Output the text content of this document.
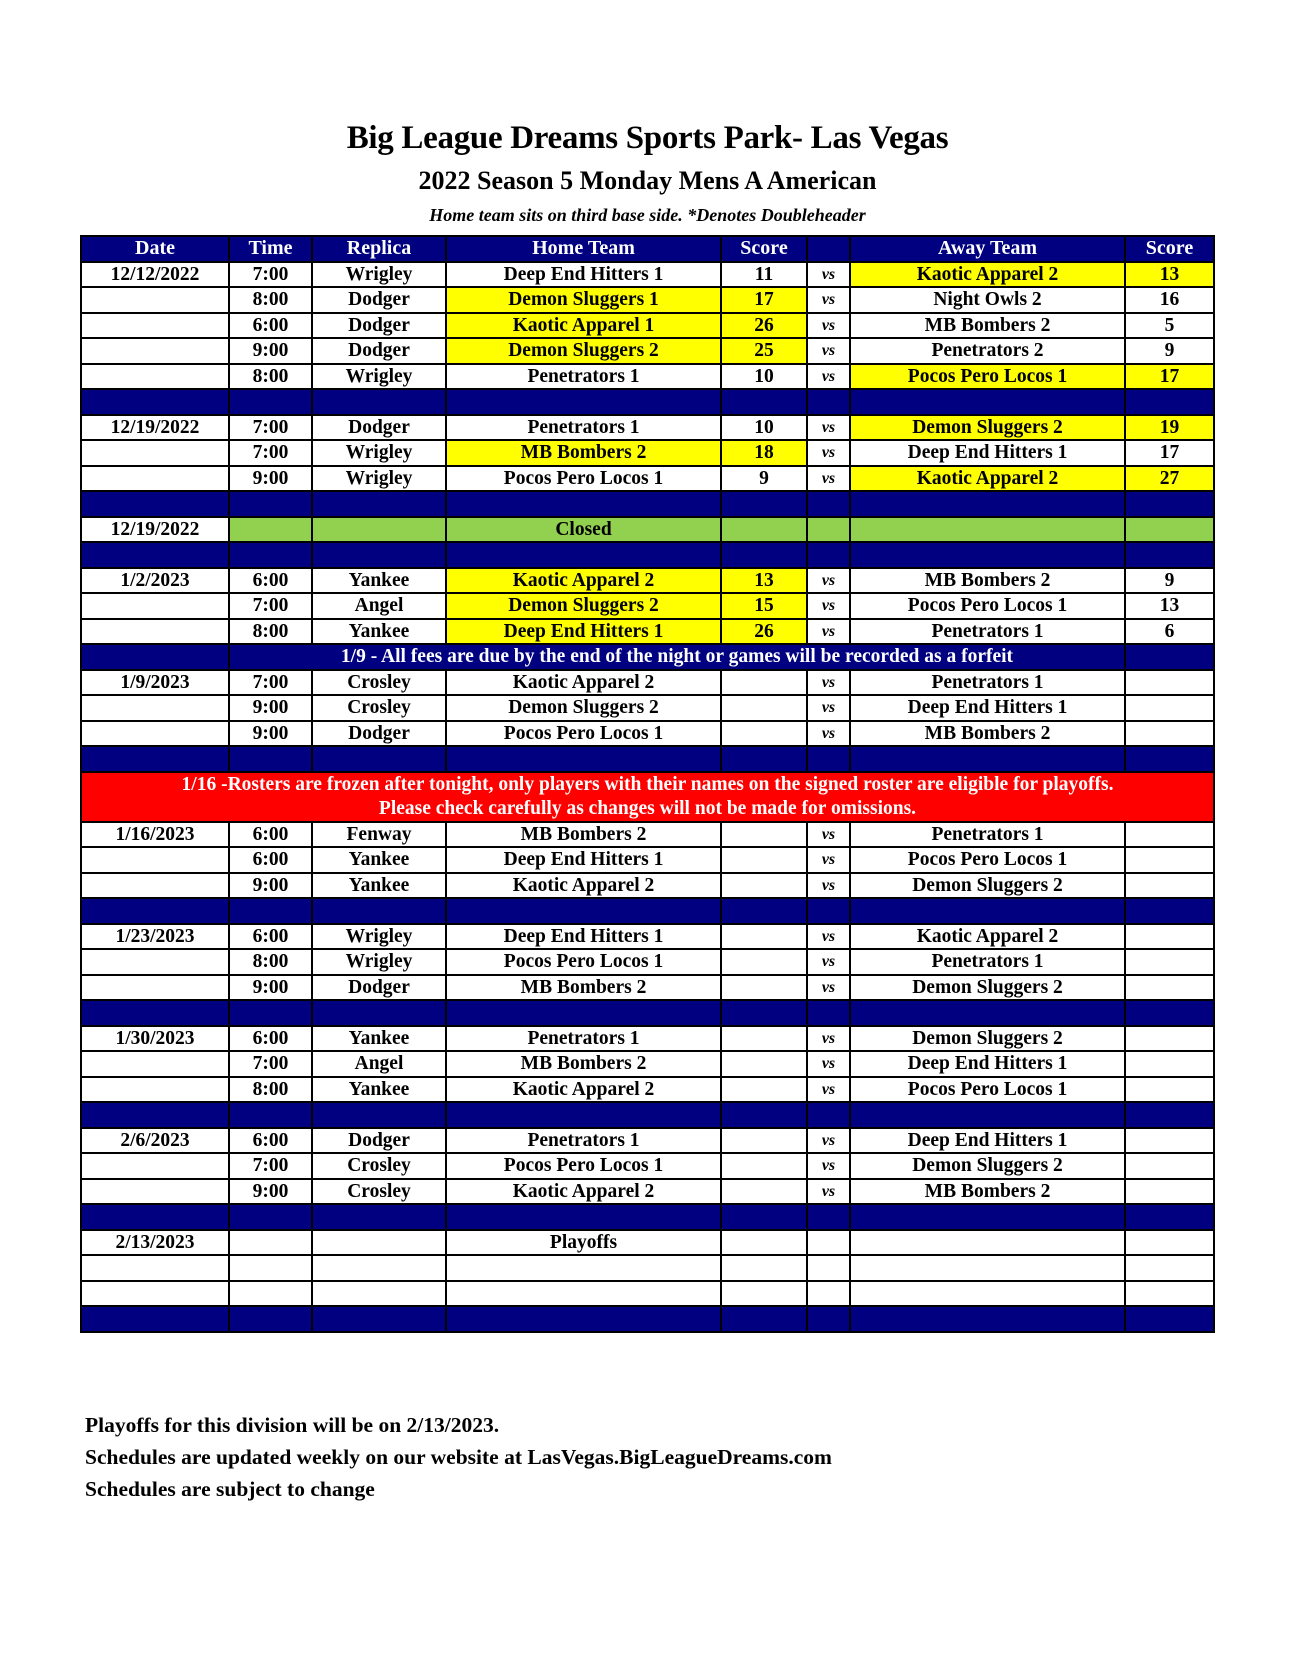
Big League Dreams Sports Park- Las Vegas
2022 Season 5 Monday Mens A American
Home team sits on third base side. *Denotes Doubleheader
Date	Time	Replica	Home Team	Score		Away Team	Score
12/12/2022	7:00	Wrigley	Deep End Hitters 1	11	vs	Kaotic Apparel 2	13
	8:00	Dodger	Demon Sluggers 1	17	vs	Night Owls 2	16
	6:00	Dodger	Kaotic Apparel 1	26	vs	MB Bombers 2	5
	9:00	Dodger	Demon Sluggers 2	25	vs	Penetrators 2	9
	8:00	Wrigley	Penetrators 1	10	vs	Pocos Pero Locos 1	17

12/19/2022	7:00	Dodger	Penetrators 1	10	vs	Demon Sluggers 2	19
	7:00	Wrigley	MB Bombers 2	18	vs	Deep End Hitters 1	17
	9:00	Wrigley	Pocos Pero Locos 1	9	vs	Kaotic Apparel 2	27

12/19/2022			Closed				

1/2/2023	6:00	Yankee	Kaotic Apparel 2	13	vs	MB Bombers 2	9
	7:00	Angel	Demon Sluggers 2	15	vs	Pocos Pero Locos 1	13
	8:00	Yankee	Deep End Hitters 1	26	vs	Penetrators 1	6
	1/9 - All fees are due by the end of the night or games will be recorded as a forfeit						
1/9/2023	7:00	Crosley	Kaotic Apparel 2		vs	Penetrators 1	
	9:00	Crosley	Demon Sluggers 2		vs	Deep End Hitters 1	
	9:00	Dodger	Pocos Pero Locos 1		vs	MB Bombers 2	

1/16 -Rosters are frozen after tonight, only players with their names on the signed roster are eligible for playoffs.
Please check carefully as changes will not be made for omissions.							

1/16/2023	6:00	Fenway	MB Bombers 2		vs	Penetrators 1	
	6:00	Yankee	Deep End Hitters 1		vs	Pocos Pero Locos 1	
	9:00	Yankee	Kaotic Apparel 2		vs	Demon Sluggers 2	

1/23/2023	6:00	Wrigley	Deep End Hitters 1		vs	Kaotic Apparel 2	
	8:00	Wrigley	Pocos Pero Locos 1		vs	Penetrators 1	
	9:00	Dodger	MB Bombers 2		vs	Demon Sluggers 2	

1/30/2023	6:00	Yankee	Penetrators 1		vs	Demon Sluggers 2	
	7:00	Angel	MB Bombers 2		vs	Deep End Hitters 1	
	8:00	Yankee	Kaotic Apparel 2		vs	Pocos Pero Locos 1	

2/6/2023	6:00	Dodger	Penetrators 1		vs	Deep End Hitters 1	
	7:00	Crosley	Pocos Pero Locos 1		vs	Demon Sluggers 2	
	9:00	Crosley	Kaotic Apparel 2		vs	MB Bombers 2	

2/13/2023			Playoffs				

Playoffs for this division will be on 2/13/2023.
Schedules are updated weekly on our website at LasVegas.BigLeagueDreams.com
Schedules are subject to change
